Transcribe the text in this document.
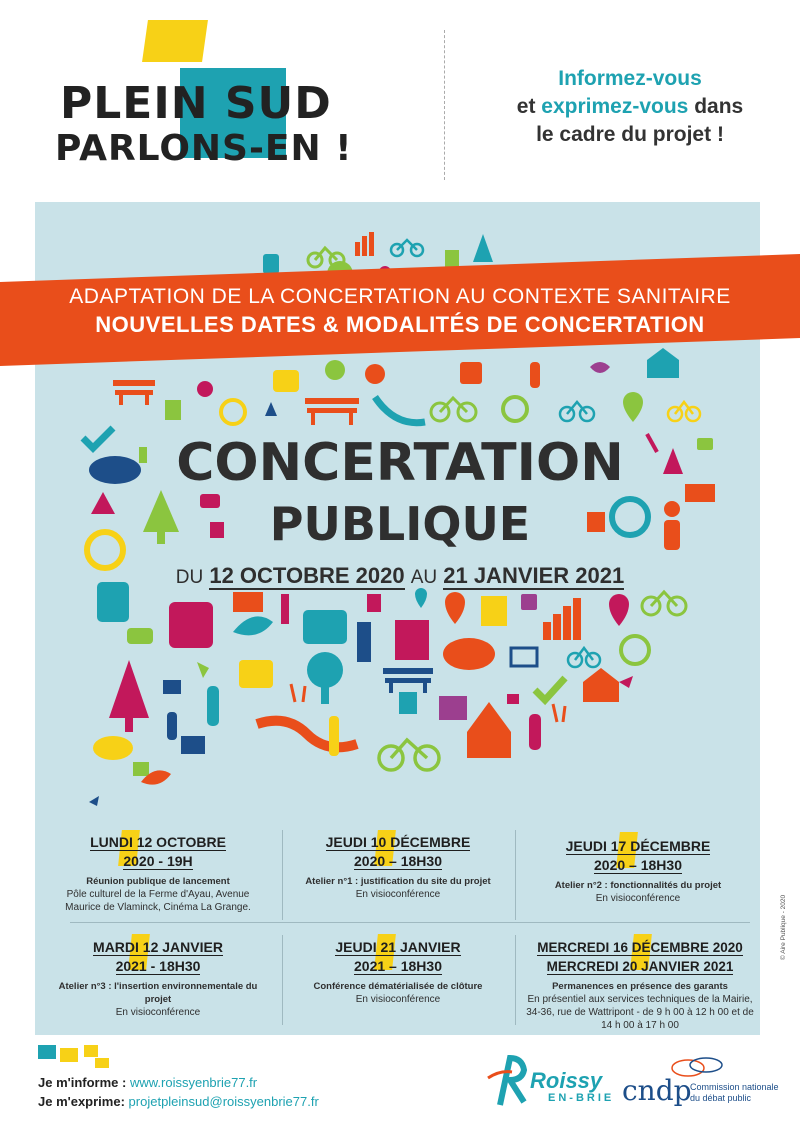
PLEIN SUD
PARLONS-EN !
Informez-vous
et exprimez-vous dans
le cadre du projet !
ADAPTATION DE LA CONCERTATION AU CONTEXTE SANITAIRE
NOUVELLES DATES & MODALITÉS DE CONCERTATION
CONCERTATION
PUBLIQUE
DU 12 OCTOBRE 2020 AU 21 JANVIER 2021
LUNDI 12 OCTOBRE
2020 - 19H
Réunion publique de lancement
Pôle culturel de la Ferme d'Ayau, Avenue Maurice de Vlaminck, Cinéma La Grange.
JEUDI 10 DÉCEMBRE
2020 – 18H30
Atelier n°1 : justification du site du projet
En visioconférence
JEUDI 17 DÉCEMBRE
2020 – 18H30
Atelier n°2 : fonctionnalités du projet
En visioconférence
MARDI 12 JANVIER
2021 - 18H30
Atelier n°3 : l'insertion environnementale du projet
En visioconférence
JEUDI 21 JANVIER
2021 – 18H30
Conférence dématérialisée de clôture
En visioconférence
MERCREDI 16 DÉCEMBRE 2020
MERCREDI 20 JANVIER 2021
Permanences en présence des garants
En présentiel aux services techniques de la Mairie, 34-36, rue de Wattripont - de 9 h 00 à 12 h 00 et de 14 h 00 à 17 h 00
Je m'informe : www.roissyenbrie77.fr
Je m'exprime: projetpleinsud@roissyenbrie77.fr
Roissy
EN-BRIE cndp
Commission nationale
du débat public
© Aire Publique - 2020
